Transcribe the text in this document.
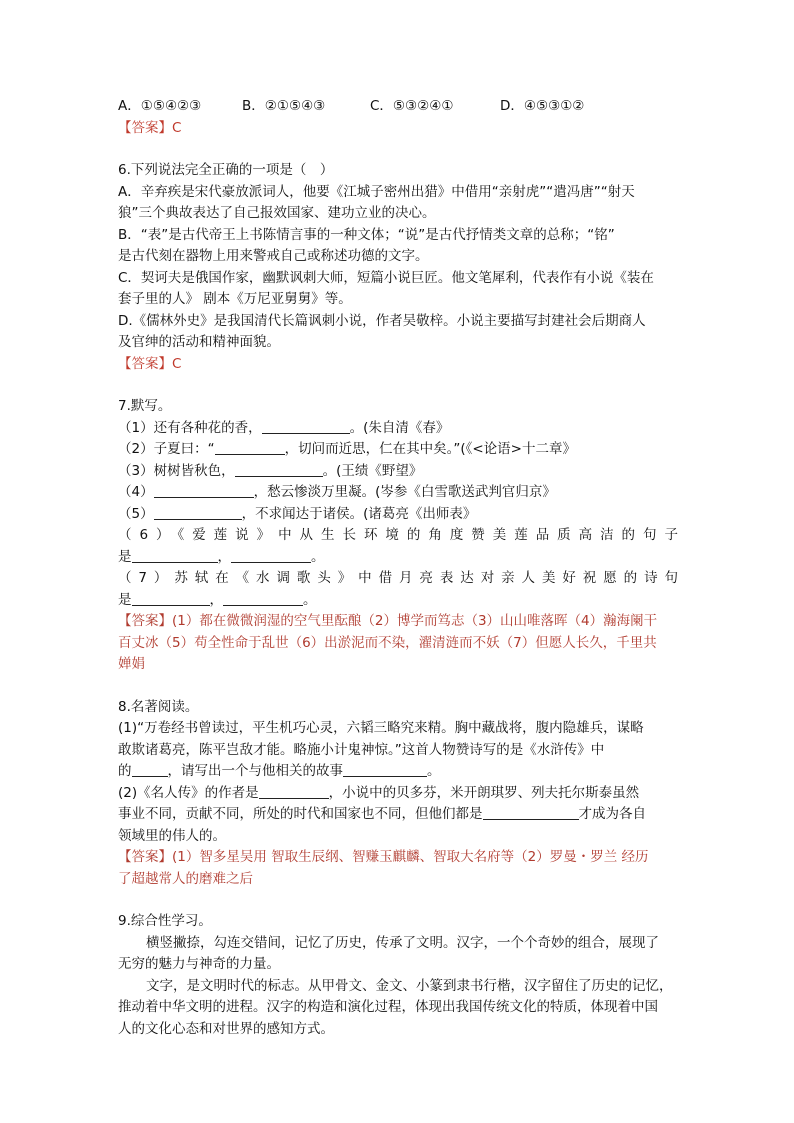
A．①⑤④②③	B．②①⑤④③	C．⑤③②④①	D．④⑤③①②
【答案】C
6.下列说法完全正确的一项是（　）
A．辛弃疾是宋代豪放派词人，他要《江城子密州出猎》中借用“亲射虎”“遣冯唐”“射天
狼”三个典故表达了自己报效国家、建功立业的决心。
B．“表”是古代帝王上书陈情言事的一种文体；“说”是古代抒情类文章的总称；“铭”
是古代刻在器物上用来警戒自己或称述功德的文字。
C．契诃夫是俄国作家，幽默讽刺大师，短篇小说巨匠。他文笔犀利，代表作有小说《装在
套子里的人》 剧本《万尼亚舅舅》等。
D.《儒林外史》是我国清代长篇讽刺小说，作者吴敬梓。小说主要描写封建社会后期商人
及官绅的活动和精神面貌。
【答案】C
7.默写。
（1）还有各种花的香，	。(朱自清《春》
（2）子夏曰：“	，切问而近思，仁在其中矣。”(《<论语>十二章》
（3）树树皆秋色，	。(王绩《野望》
（4）	，愁云惨淡万里凝。(岑参《白雪歌送武判官归京》
（5）	，不求闻达于诸侯。(诸葛亮《出师表》
（6）《爱莲说》中从生长环境的角度赞美莲品质高洁的句子
是	，	。
（7）苏轼在《水调歌头》中借月亮表达对亲人美好祝愿的诗句
是	，	。
【答案】(1）都在微微润湿的空气里酝酿（2）博学而笃志（3）山山唯落晖（4）瀚海阑干
百丈冰（5）苟全性命于乱世（6）出淤泥而不染，濯清涟而不妖（7）但愿人长久，千里共
婵娟
8.名著阅读。
(1)“万卷经书曾读过，平生机巧心灵，六韬三略究来精。胸中藏战将，腹内隐雄兵，谋略
敢欺诸葛亮，陈平岂敌才能。略施小计鬼神惊。”这首人物赞诗写的是《水浒传》中
的	，请写出一个与他相关的故事	。
(2)《名人传》的作者是	，小说中的贝多芬，米开朗琪罗、列夫托尔斯泰虽然
事业不同，贡献不同，所处的时代和国家也不同，但他们都是	才成为各自
领域里的伟人的。
【答案】(1）智多星吴用 智取生辰纲、智赚玉麒麟、智取大名府等（2）罗曼・罗兰 经历
了超越常人的磨难之后
9.综合性学习。
横竖撇捺，勾连交错间，记忆了历史，传承了文明。汉字，一个个奇妙的组合，展现了
无穷的魅力与神奇的力量。
文字，是文明时代的标志。从甲骨文、金文、小篆到隶书行楷，汉字留住了历史的记忆，
推动着中华文明的进程。汉字的构造和演化过程，体现出我国传统文化的特质，体现着中国
人的文化心态和对世界的感知方式。
